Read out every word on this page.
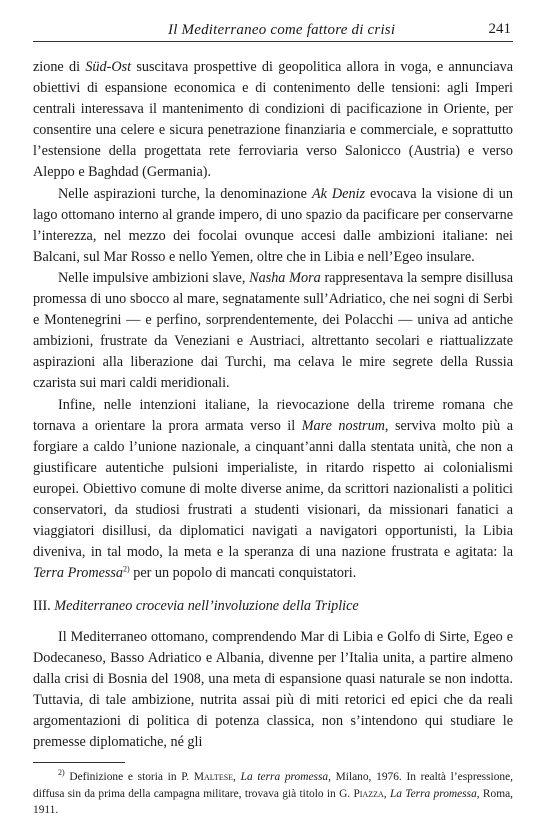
Il Mediterraneo come fattore di crisi	241

zione di Süd-Ost suscitava prospettive di geopolitica allora in voga, e annunciava obiettivi di espansione economica e di contenimento delle tensioni: agli Imperi centrali interessava il mantenimento di condizioni di pacificazione in Oriente, per consentire una celere e sicura penetrazione finanziaria e commerciale, e soprattutto l’estensione della progettata rete ferroviaria verso Salonicco (Austria) e verso Aleppo e Baghdad (Germania).

Nelle aspirazioni turche, la denominazione Ak Deniz evocava la visione di un lago ottomano interno al grande impero, di uno spazio da pacificare per conservarne l’interezza, nel mezzo dei focolai ovunque accesi dalle ambizioni italiane: nei Balcani, sul Mar Rosso e nello Yemen, oltre che in Libia e nell’Egeo insulare.

Nelle impulsive ambizioni slave, Nasha Mora rappresentava la sempre disillusa promessa di uno sbocco al mare, segnatamente sull’Adriatico, che nei sogni di Serbi e Montenegrini — e perfino, sorprendentemente, dei Polacchi — univa ad antiche ambizioni, frustrate da Veneziani e Austriaci, altrettanto secolari e riattualizzate aspirazioni alla liberazione dai Turchi, ma celava le mire segrete della Russia czarista sui mari caldi meridionali.

Infine, nelle intenzioni italiane, la rievocazione della trireme romana che tornava a orientare la prora armata verso il Mare nostrum, serviva molto più a forgiare a caldo l’unione nazionale, a cinquant’anni dalla stentata unità, che non a giustificare autentiche pulsioni imperialiste, in ritardo rispetto ai colonialismi europei. Obiettivo comune di molte diverse anime, da scrittori nazionalisti a politici conservatori, da studiosi frustrati a studenti visionari, da missionari fanatici a viaggiatori disillusi, da diplomatici navigati a navigatori opportunisti, la Libia diveniva, in tal modo, la meta e la speranza di una nazione frustrata e agitata: la Terra Promessa$^{2)}$ per un popolo di mancati conquistatori.

III. Mediterraneo crocevia nell’involuzione della Triplice

Il Mediterraneo ottomano, comprendendo Mar di Libia e Golfo di Sirte, Egeo e Dodecaneso, Basso Adriatico e Albania, divenne per l’Italia unita, a partire almeno dalla crisi di Bosnia del 1908, una meta di espansione quasi naturale se non indotta. Tuttavia, di tale ambizione, nutrita assai più di miti retorici ed epici che da reali argomentazioni di politica di potenza classica, non s’intendono qui studiare le premesse diplomatiche, né gli

$^{2)}$ Definizione e storia in P. Maltese, La terra promessa, Milano, 1976. In realtà l’espressione, diffusa sin da prima della campagna militare, trovava già titolo in G. Piazza, La Terra promessa, Roma, 1911.
